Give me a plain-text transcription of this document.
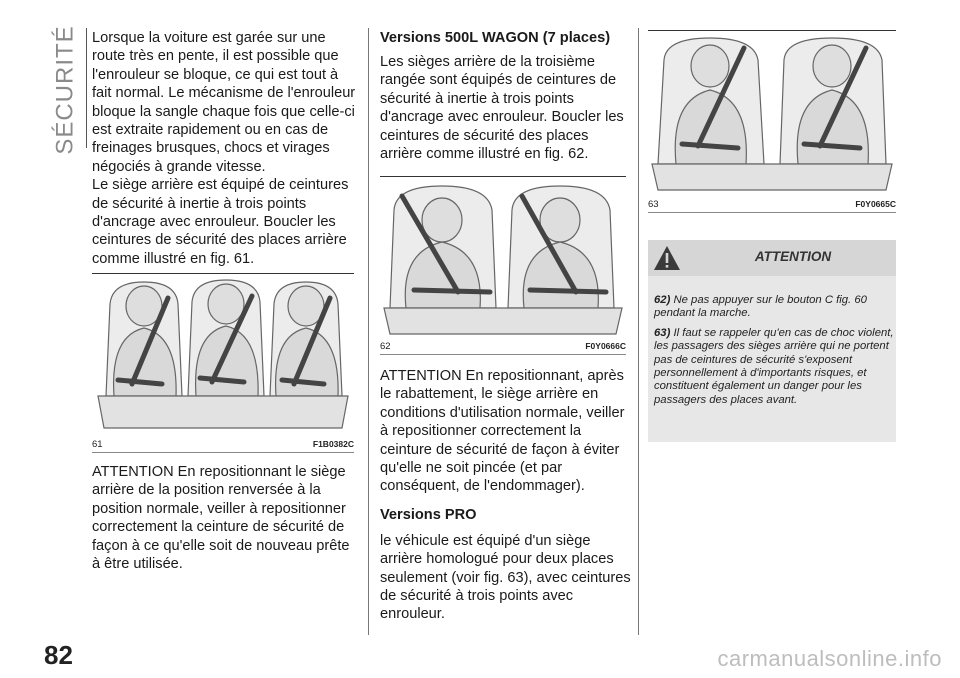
SÉCURITÉ
82

Lorsque la voiture est garée sur une route très en pente, il est possible que l'enrouleur se bloque, ce qui est tout à fait normal. Le mécanisme de l'enrouleur bloque la sangle chaque fois que celle-ci est extraite rapidement ou en cas de freinages brusques, chocs et virages négociés à grande vitesse.

Le siège arrière est équipé de ceintures de sécurité à inertie à trois points d'ancrage avec enrouleur. Boucler les ceintures de sécurité des places arrière comme illustré en fig. 61.

61	F1B0382C

ATTENTION En repositionnant le siège arrière de la position renversée à la position normale, veiller à repositionner correctement la ceinture de sécurité de façon à ce qu'elle soit de nouveau prête à être utilisée.

Versions 500L WAGON (7 places)

Les sièges arrière de la troisième rangée sont équipés de ceintures de sécurité à inertie à trois points d'ancrage avec enrouleur. Boucler les ceintures de sécurité des places arrière comme illustré en fig. 62.

62	F0Y0666C

ATTENTION En repositionnant, après le rabattement, le siège arrière en conditions d'utilisation normale, veiller à repositionner correctement la ceinture de sécurité de façon à éviter qu'elle ne soit pincée (et par conséquent, de l'endommager).

Versions PRO

le véhicule est équipé d'un siège arrière homologué pour deux places seulement (voir fig. 63), avec ceintures de sécurité à trois points avec enrouleur.

63	F0Y0665C
ATTENTION
62) Ne pas appuyer sur le bouton C fig. 60 pendant la marche.
63) Il faut se rappeler qu'en cas de choc violent, les passagers des sièges arrière qui ne portent pas de ceintures de sécurité s'exposent personnellement à d'importants risques, et constituent également un danger pour les passagers des places avant.
carmanualsonline.info
